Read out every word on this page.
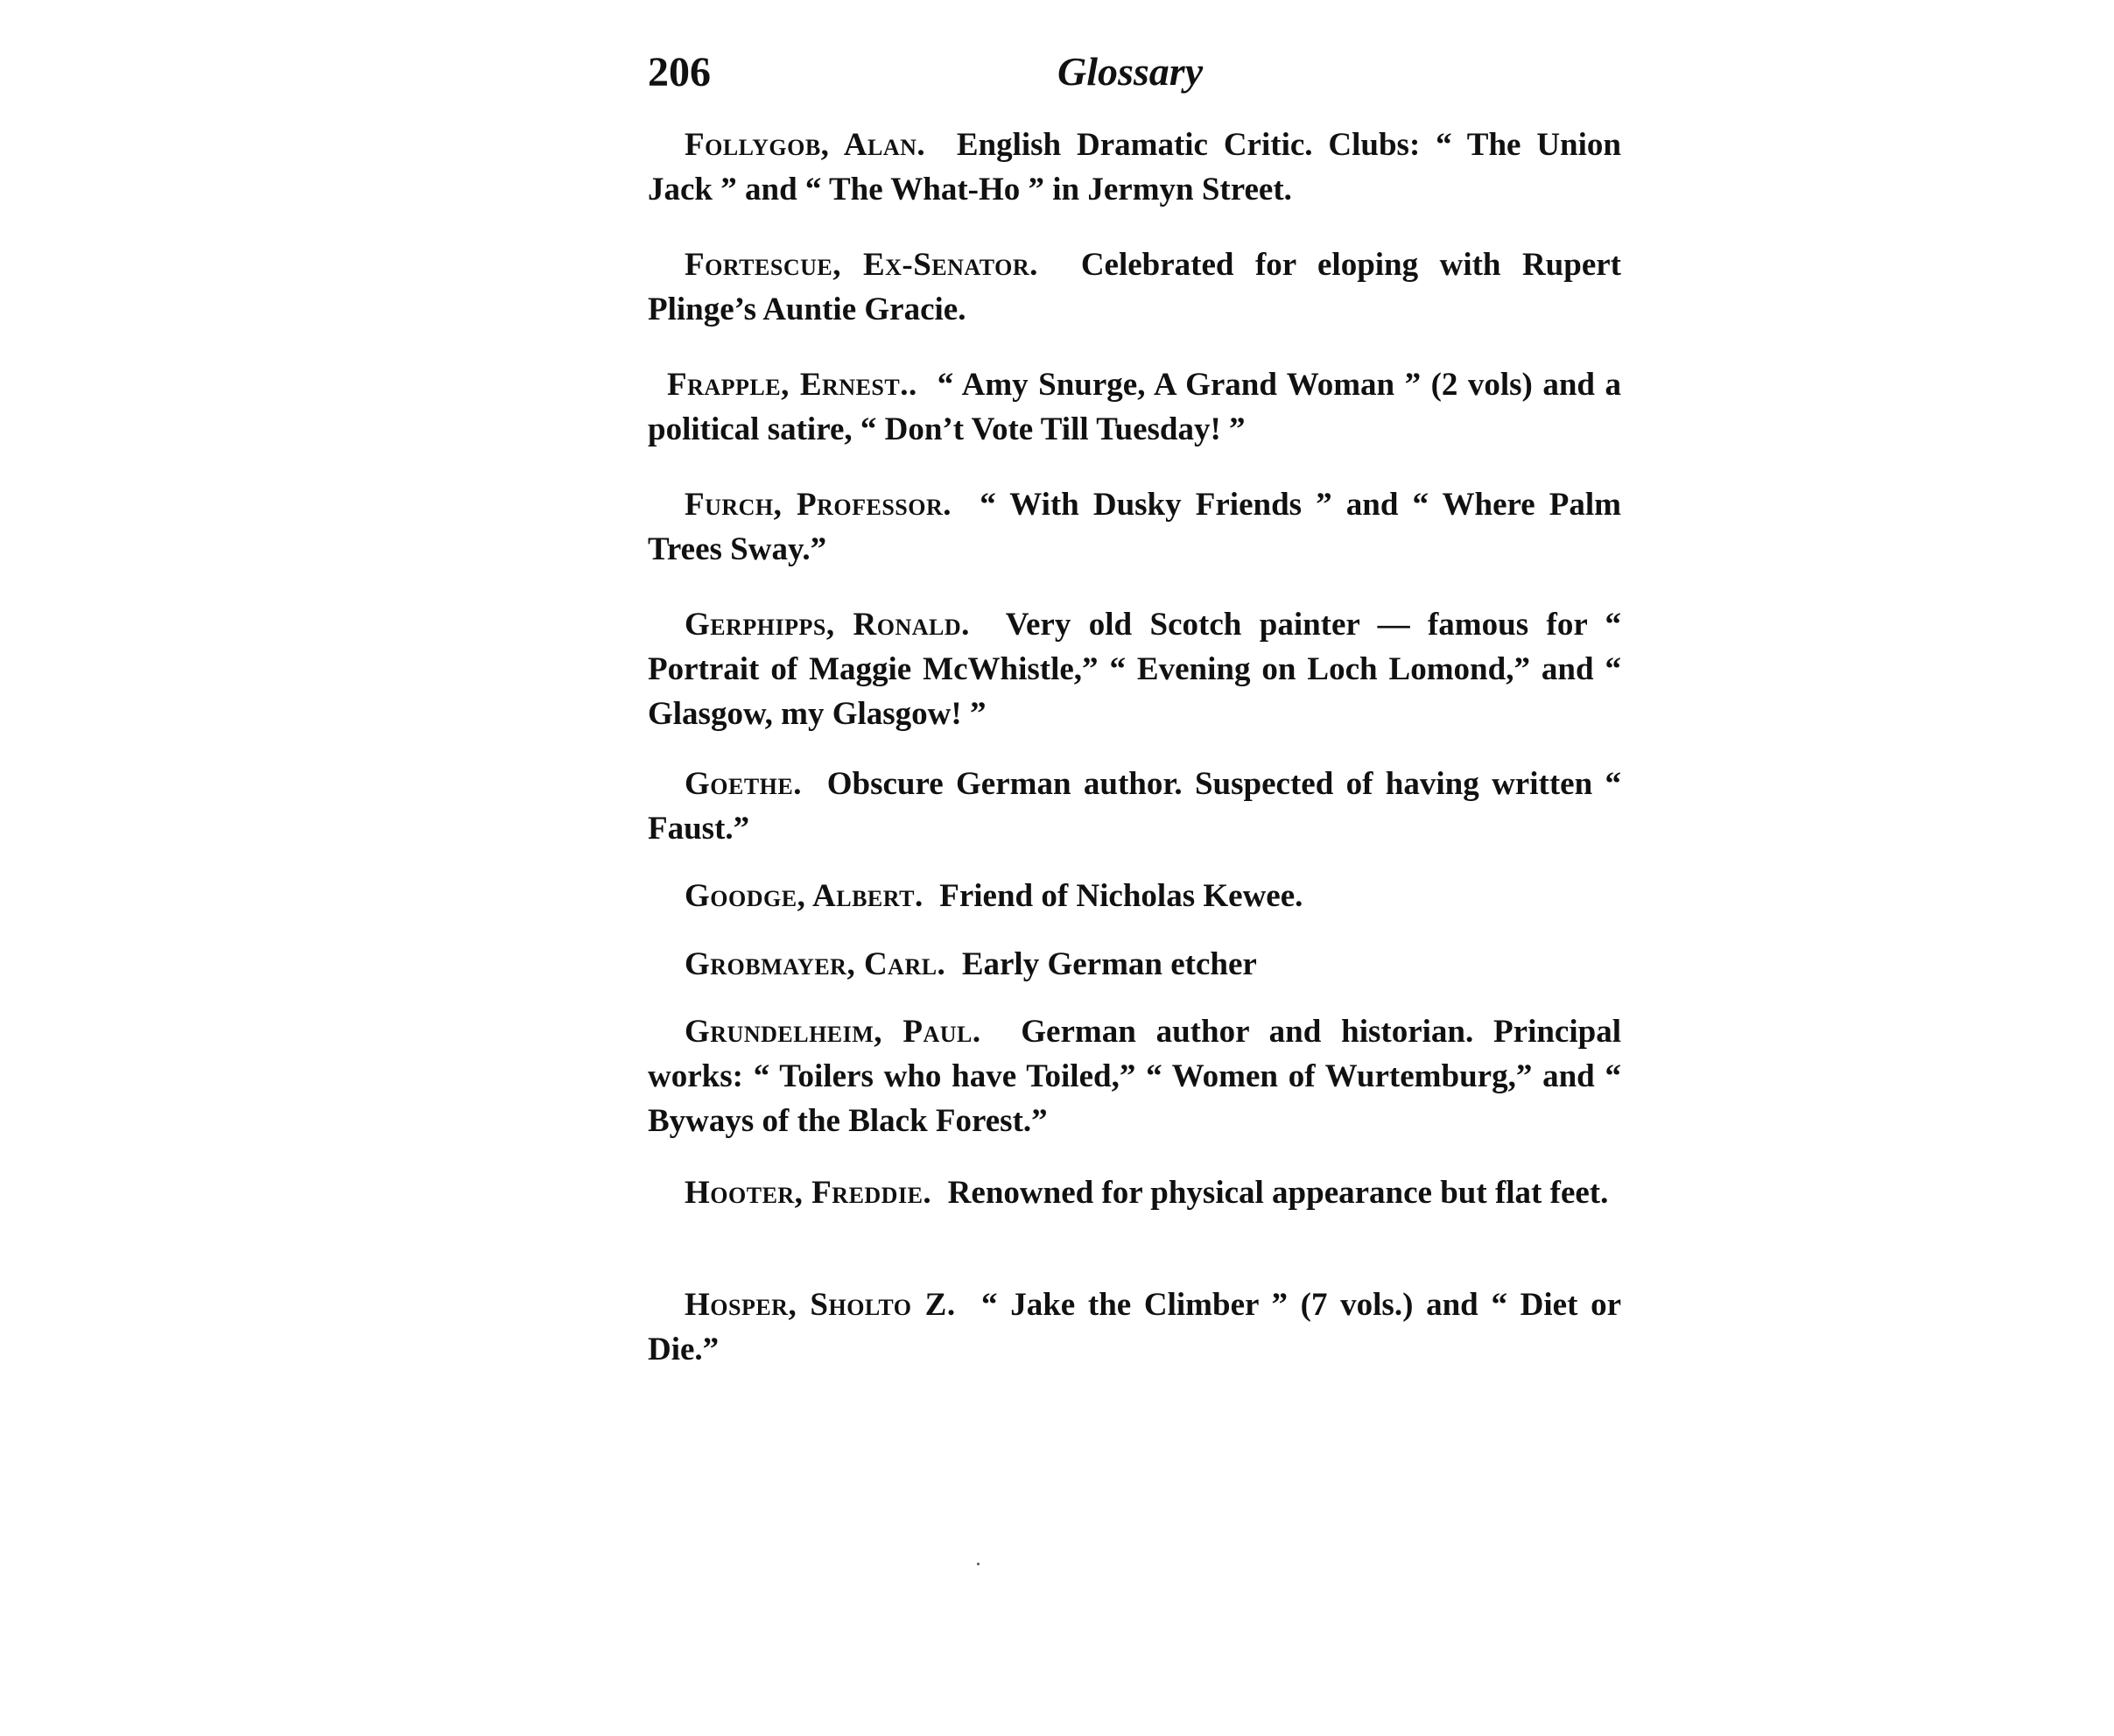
206	Glossary

Follygob, Alan. English Dramatic Critic. Clubs: “ The Union Jack ” and “ The What-Ho ” in Jermyn Street.

Fortescue, Ex-Senator. Celebrated for eloping with Rupert Plinge’s Auntie Gracie.

Frapple, Ernest.. “ Amy Snurge, A Grand Woman ” (2 vols) and a political satire, “ Don’t Vote Till Tuesday! ”

Furch, Professor. “ With Dusky Friends ” and “ Where Palm Trees Sway.”

Gerphipps, Ronald. Very old Scotch painter — famous for “ Portrait of Maggie McWhistle,” “ Evening on Loch Lomond,” and “ Glasgow, my Glasgow! ”

Goethe. Obscure German author. Suspected of having written “ Faust.”

Goodge, Albert. Friend of Nicholas Kewee.

Grobmayer, Carl. Early German etcher

Grundelheim, Paul. German author and historian. Principal works: “ Toilers who have Toiled,” “ Women of Wurtemburg,” and “ Byways of the Black Forest.”

Hooter, Freddie. Renowned for physical appearance but flat feet.

Hosper, Sholto Z. “ Jake the Climber ” (7 vols.) and “ Diet or Die.”
